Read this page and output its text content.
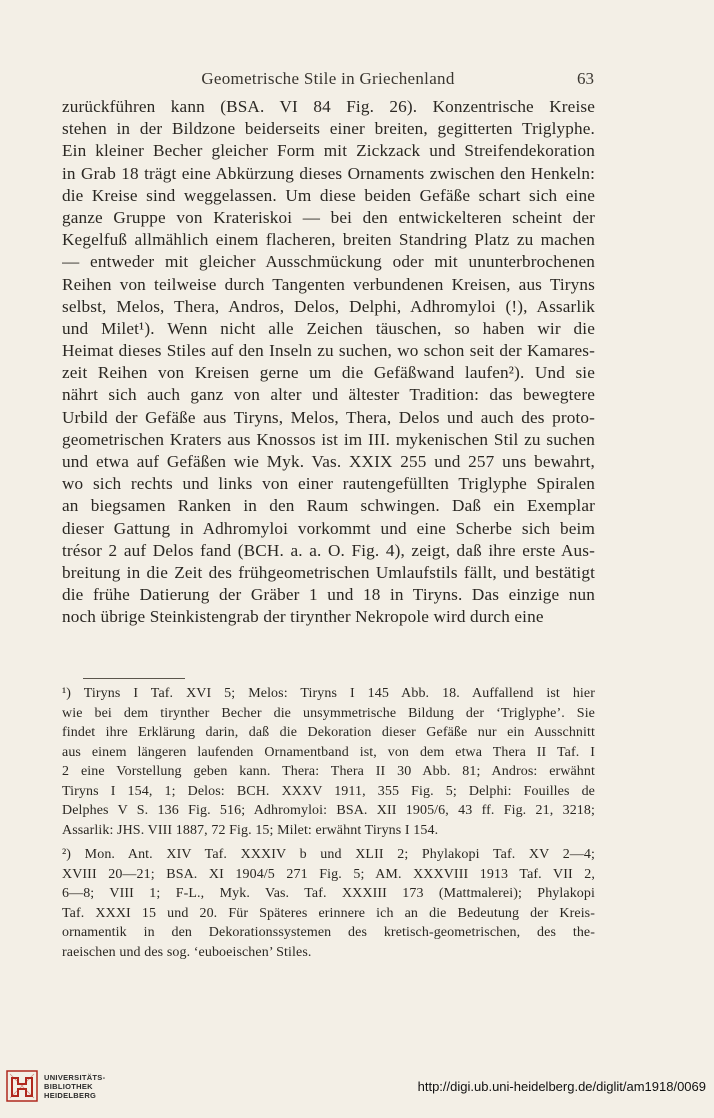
Geometrische Stile in Griechenland	63
zurückführen kann (BSA. VI 84 Fig. 26). Konzentrische Kreise
stehen in der Bildzone beiderseits einer breiten, gegitterten Triglyphe.
Ein kleiner Becher gleicher Form mit Zickzack und Streifendekoration
in Grab 18 trägt eine Abkürzung dieses Ornaments zwischen den Henkeln:
die Kreise sind weggelassen. Um diese beiden Gefäße schart sich eine
ganze Gruppe von Krateriskoi — bei den entwickelteren scheint der
Kegelfuß allmählich einem flacheren, breiten Standring Platz zu machen
— entweder mit gleicher Ausschmückung oder mit ununterbrochenen
Reihen von teilweise durch Tangenten verbundenen Kreisen, aus Tiryns
selbst, Melos, Thera, Andros, Delos, Delphi, Adhromyloi (!), Assarlik
und Milet¹). Wenn nicht alle Zeichen täuschen, so haben wir die
Heimat dieses Stiles auf den Inseln zu suchen, wo schon seit der Kamares-
zeit Reihen von Kreisen gerne um die Gefäßwand laufen²). Und sie
nährt sich auch ganz von alter und ältester Tradition: das bewegtere
Urbild der Gefäße aus Tiryns, Melos, Thera, Delos und auch des proto-
geometrischen Kraters aus Knossos ist im III. mykenischen Stil zu suchen
und etwa auf Gefäßen wie Myk. Vas. XXIX 255 und 257 uns bewahrt,
wo sich rechts und links von einer rautengefüllten Triglyphe Spiralen
an biegsamen Ranken in den Raum schwingen. Daß ein Exemplar
dieser Gattung in Adhromyloi vorkommt und eine Scherbe sich beim
trésor 2 auf Delos fand (BCH. a. a. O. Fig. 4), zeigt, daß ihre erste Aus-
breitung in die Zeit des frühgeometrischen Umlaufstils fällt, und bestätigt
die frühe Datierung der Gräber 1 und 18 in Tiryns. Das einzige nun
noch übrige Steinkistengrab der tirynther Nekropole wird durch eine
¹) Tiryns I Taf. XVI 5; Melos: Tiryns I 145 Abb. 18. Auffallend ist hier
wie bei dem tirynther Becher die unsymmetrische Bildung der ‘Triglyphe’. Sie
findet ihre Erklärung darin, daß die Dekoration dieser Gefäße nur ein Ausschnitt
aus einem längeren laufenden Ornamentband ist, von dem etwa Thera II Taf. I
2 eine Vorstellung geben kann. Thera: Thera II 30 Abb. 81; Andros: erwähnt
Tiryns I 154, 1; Delos: BCH. XXXV 1911, 355 Fig. 5; Delphi: Fouilles de
Delphes V S. 136 Fig. 516; Adhromyloi: BSA. XII 1905/6, 43 ff. Fig. 21, 3218;
Assarlik: JHS. VIII 1887, 72 Fig. 15; Milet: erwähnt Tiryns I 154.
²) Mon. Ant. XIV Taf. XXXIV b und XLII 2; Phylakopi Taf. XV 2—4;
XVIII 20—21; BSA. XI 1904/5 271 Fig. 5; AM. XXXVIII 1913 Taf. VII 2,
6—8; VIII 1; F-L., Myk. Vas. Taf. XXXIII 173 (Mattmalerei); Phylakopi
Taf. XXXI 15 und 20. Für Späteres erinnere ich an die Bedeutung der Kreis-
ornamentik in den Dekorationssystemen des kretisch-geometrischen, des the-
raeischen und des sog. ‘euboeischen’ Stiles.
UNIVERSITÄTS-
BIBLIOTHEK
HEIDELBERG
http://digi.ub.uni-heidelberg.de/diglit/am1918/0069
